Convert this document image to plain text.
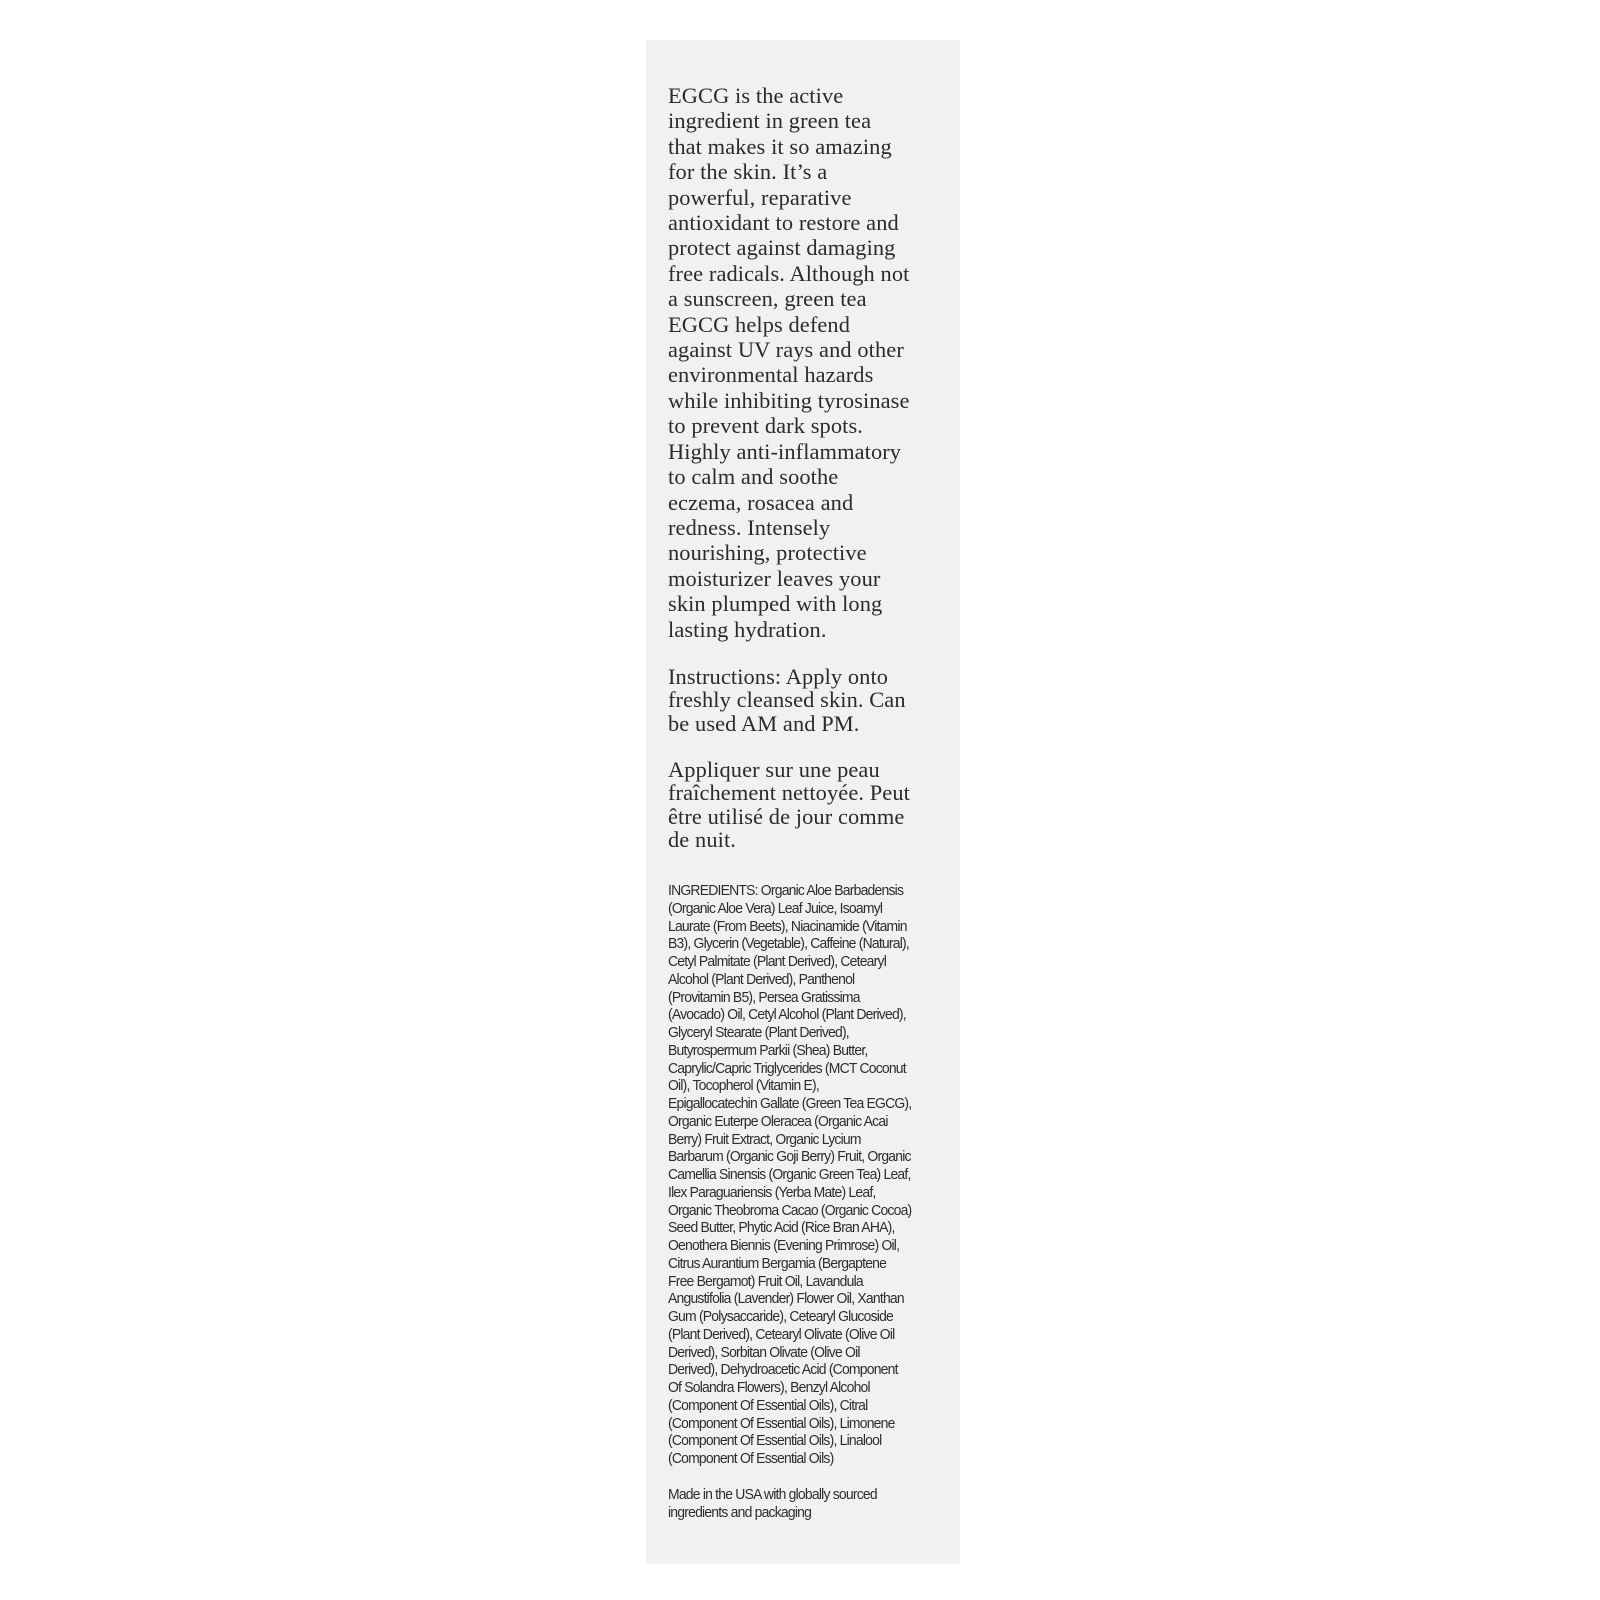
EGCG is the active
ingredient in green tea
that makes it so amazing
for the skin. It’s a
powerful, reparative
antioxidant to restore and
protect against damaging
free radicals. Although not
a sunscreen, green tea
EGCG helps defend
against UV rays and other
environmental hazards
while inhibiting tyrosinase
to prevent dark spots.
Highly anti-inflammatory
to calm and soothe
eczema, rosacea and
redness. Intensely
nourishing, protective
moisturizer leaves your
skin plumped with long
lasting hydration.
Instructions: Apply onto
freshly cleansed skin. Can
be used AM and PM.
Appliquer sur une peau
fraîchement nettoyée. Peut
être utilisé de jour comme
de nuit.
INGREDIENTS: Organic Aloe Barbadensis
(Organic Aloe Vera) Leaf Juice, Isoamyl
Laurate (From Beets), Niacinamide (Vitamin
B3), Glycerin (Vegetable), Caffeine (Natural),
Cetyl Palmitate (Plant Derived), Cetearyl
Alcohol (Plant Derived), Panthenol
(Provitamin B5), Persea Gratissima
(Avocado) Oil, Cetyl Alcohol (Plant Derived),
Glyceryl Stearate (Plant Derived),
Butyrospermum Parkii (Shea) Butter,
Caprylic/Capric Triglycerides (MCT Coconut
Oil), Tocopherol (Vitamin E),
Epigallocatechin Gallate (Green Tea EGCG),
Organic Euterpe Oleracea (Organic Acai
Berry) Fruit Extract, Organic Lycium
Barbarum (Organic Goji Berry) Fruit, Organic
Camellia Sinensis (Organic Green Tea) Leaf,
Ilex Paraguariensis (Yerba Mate) Leaf,
Organic Theobroma Cacao (Organic Cocoa)
Seed Butter, Phytic Acid (Rice Bran AHA),
Oenothera Biennis (Evening Primrose) Oil,
Citrus Aurantium Bergamia (Bergaptene
Free Bergamot) Fruit Oil, Lavandula
Angustifolia (Lavender) Flower Oil, Xanthan
Gum (Polysaccaride), Cetearyl Glucoside
(Plant Derived), Cetearyl Olivate (Olive Oil
Derived), Sorbitan Olivate (Olive Oil
Derived), Dehydroacetic Acid (Component
Of Solandra Flowers), Benzyl Alcohol
(Component Of Essential Oils), Citral
(Component Of Essential Oils), Limonene
(Component Of Essential Oils), Linalool
(Component Of Essential Oils)
Made in the USA with globally sourced
ingredients and packaging
